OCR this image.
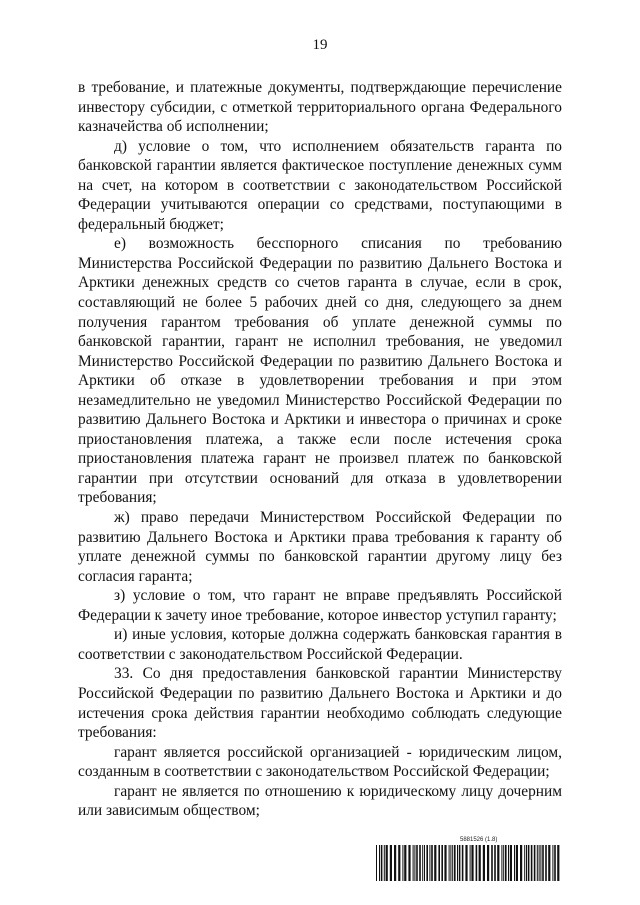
19

в требование, и платежные документы, подтверждающие перечисление инвестору субсидии, с отметкой территориального органа Федерального казначейства об исполнении;

д) условие о том, что исполнением обязательств гаранта по банковской гарантии является фактическое поступление денежных сумм на счет, на котором в соответствии с законодательством Российской Федерации учитываются операции со средствами, поступающими в федеральный бюджет;

е) возможность бесспорного списания по требованию Министерства Российской Федерации по развитию Дальнего Востока и Арктики денежных средств со счетов гаранта в случае, если в срок, составляющий не более 5 рабочих дней со дня, следующего за днем получения гарантом требования об уплате денежной суммы по банковской гарантии, гарант не исполнил требования, не уведомил Министерство Российской Федерации по развитию Дальнего Востока и Арктики об отказе в удовлетворении требования и при этом незамедлительно не уведомил Министерство Российской Федерации по развитию Дальнего Востока и Арктики и инвестора о причинах и сроке приостановления платежа, а также если после истечения срока приостановления платежа гарант не произвел платеж по банковской гарантии при отсутствии оснований для отказа в удовлетворении требования;

ж) право передачи Министерством Российской Федерации по развитию Дальнего Востока и Арктики права требования к гаранту об уплате денежной суммы по банковской гарантии другому лицу без согласия гаранта;

з) условие о том, что гарант не вправе предъявлять Российской Федерации к зачету иное требование, которое инвестор уступил гаранту;

и) иные условия, которые должна содержать банковская гарантия в соответствии с законодательством Российской Федерации.

33. Со дня предоставления банковской гарантии Министерству Российской Федерации по развитию Дальнего Востока и Арктики и до истечения срока действия гарантии необходимо соблюдать следующие требования:

гарант является российской организацией - юридическим лицом, созданным в соответствии с законодательством Российской Федерации;

гарант не является по отношению к юридическому лицу дочерним или зависимым обществом;

5881526 (1.8)
